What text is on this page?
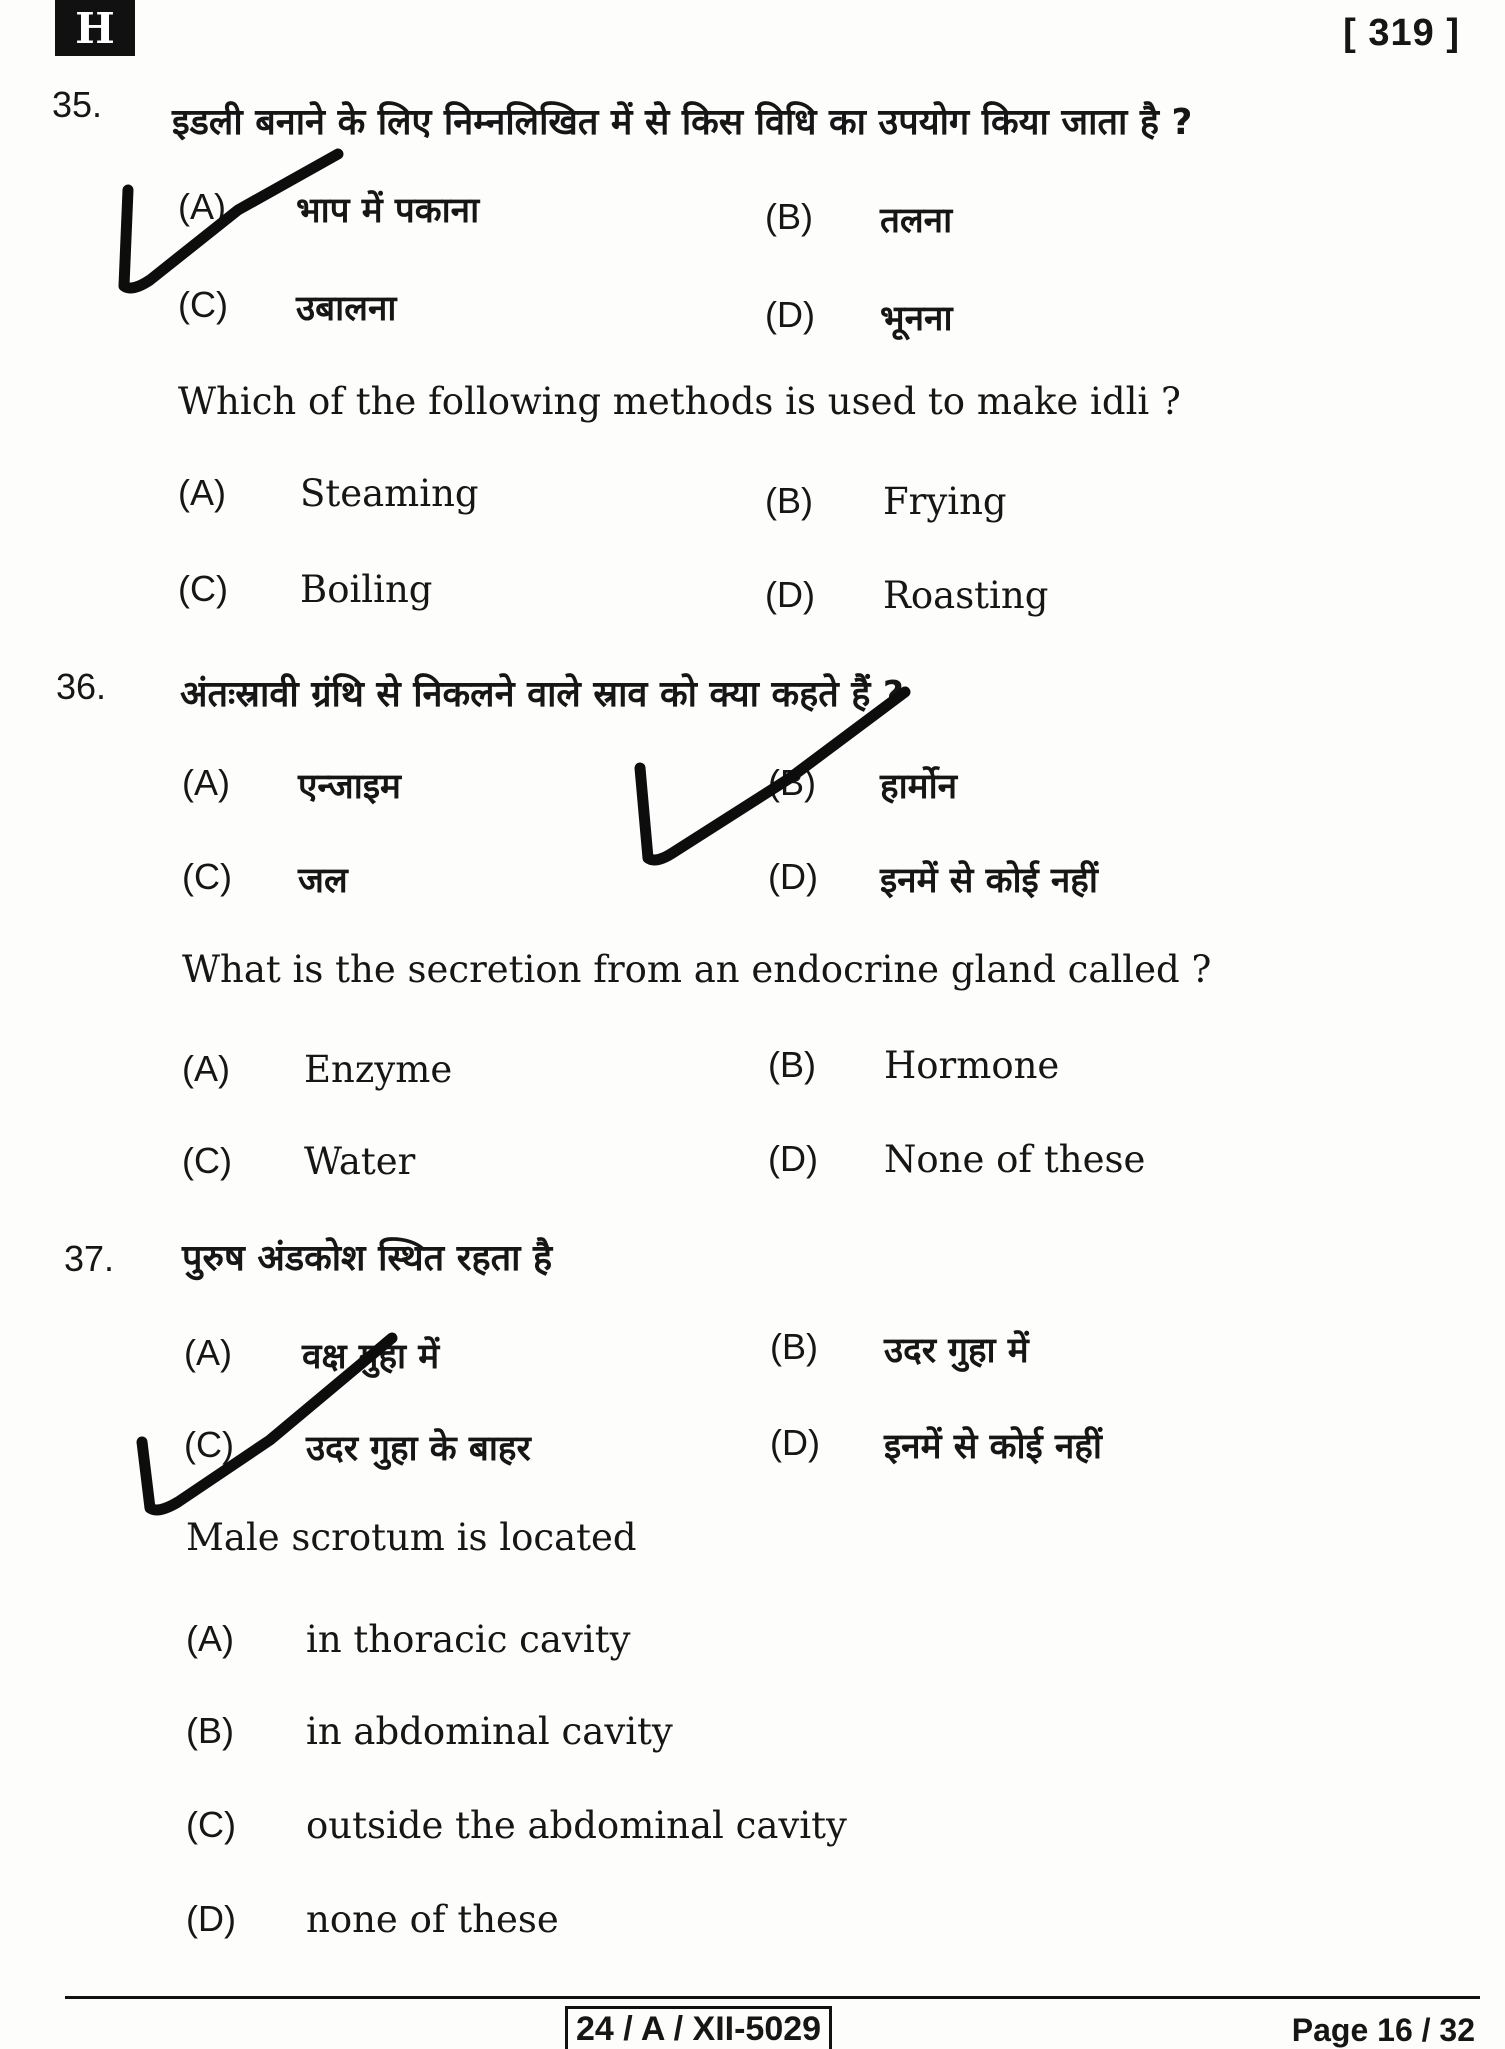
H	[ 319 ]
35. इडली बनाने के लिए निम्नलिखित में से किस विधि का उपयोग किया जाता है ?
(A) भाप में पकाना	(B) तलना
(C) उबालना	(D) भूनना
Which of the following methods is used to make idli ?
(A) Steaming	(B) Frying
(C) Boiling	(D) Roasting
36. अंतःस्रावी ग्रंथि से निकलने वाले स्राव को क्या कहते हैं ?
(A) एन्जाइम	(B) हार्मोन
(C) जल	(D) इनमें से कोई नहीं
What is the secretion from an endocrine gland called ?
(A) Enzyme	(B) Hormone
(C) Water	(D) None of these
37. पुरुष अंडकोश स्थित रहता है
(A) वक्ष गुहा में	(B) उदर गुहा में
(C) उदर गुहा के बाहर	(D) इनमें से कोई नहीं
Male scrotum is located
(A) in thoracic cavity
(B) in abdominal cavity
(C) outside the abdominal cavity
(D) none of these
24 / A / XII-5029	Page 16 / 32
